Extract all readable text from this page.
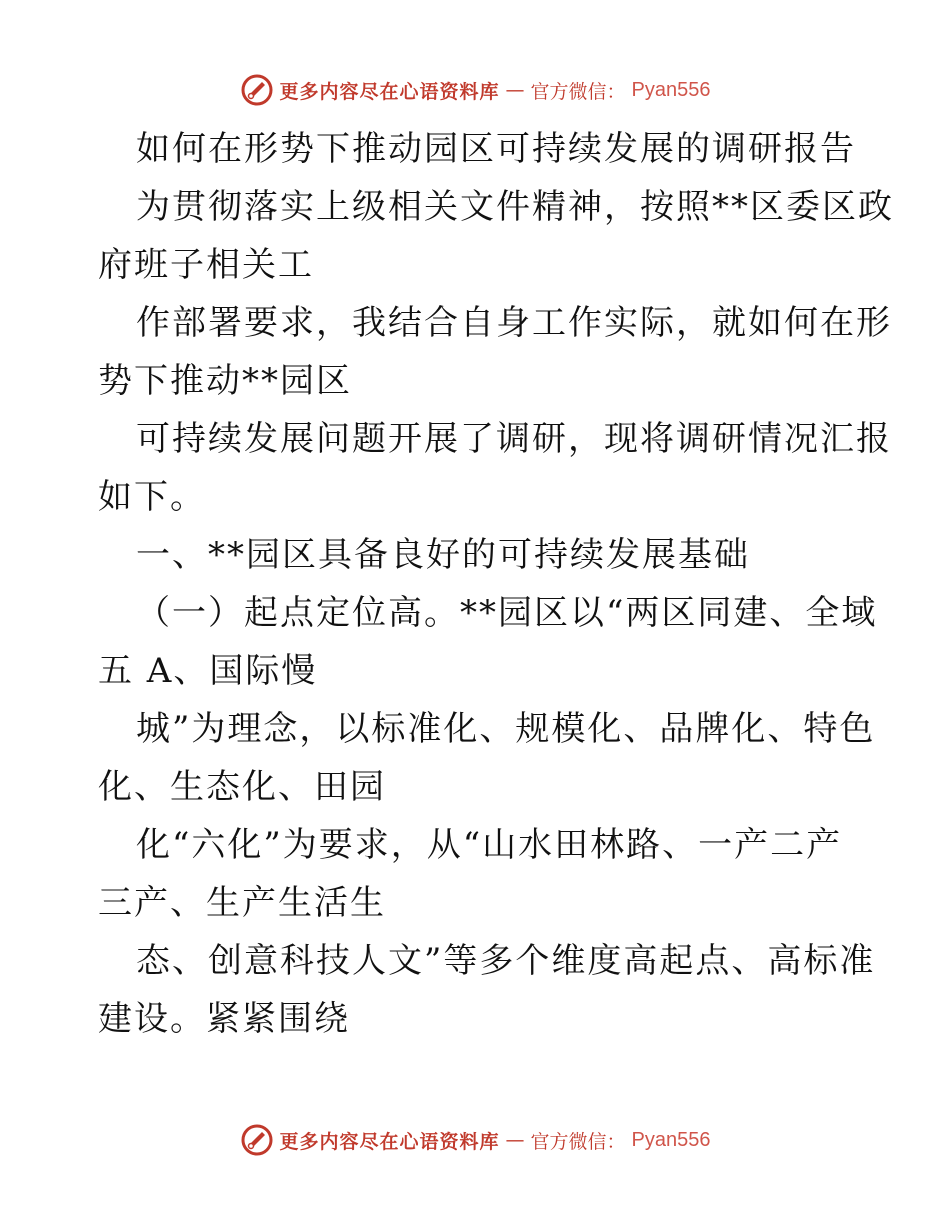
更多内容尽在心语资料库 — 官方微信： Pyan556
如何在形势下推动园区可持续发展的调研报告
为贯彻落实上级相关文件精神，按照**区委区政
府班子相关工
作部署要求，我结合自身工作实际，就如何在形
势下推动**园区
可持续发展问题开展了调研，现将调研情况汇报
如下。
一、**园区具备良好的可持续发展基础
（一）起点定位高。**园区以“两区同建、全域
五 A、国际慢
城”为理念，以标准化、规模化、品牌化、特色
化、生态化、田园
化“六化”为要求，从“山水田林路、一产二产
三产、生产生活生
态、创意科技人文”等多个维度高起点、高标准
建设。紧紧围绕
更多内容尽在心语资料库 — 官方微信： Pyan556
